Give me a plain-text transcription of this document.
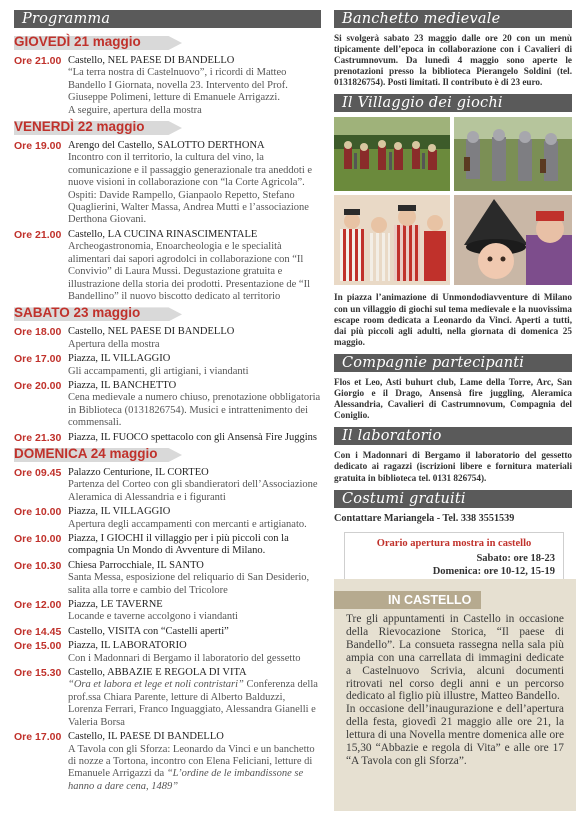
Programma
GIOVEDÌ 21 maggio
Ore 21.00 Castello, NEL PAESE DI BANDELLO
“La terra nostra di Castelnuovo”, i ricordi di Matteo Bandello I Giornata, novella 23. Intervento del Prof. Giuseppe Polimeni, letture di Emanuele Arrigazzi.
A seguire, apertura della mostra
VENERDÌ 22 maggio
Ore 19.00 Arengo del Castello, SALOTTO DERTHONA
Incontro con il territorio, la cultura del vino, la comunicazione e il passaggio generazionale tra aneddoti e nuove visioni in collaborazione con “la Corte Agricola”. Ospiti: Davide Rampello, Gianpaolo Repetto, Stefano Quaglierini, Walter Massa, Andrea Mutti e l’associazione Derthona Giovani.
Ore 21.00 Castello, LA CUCINA RINASCIMENTALE
Archeogastronomia, Enoarcheologia e le specialità alimentari dai sapori agrodolci in collaborazione con “Il Convivio” di Laura Mussi. Degustazione gratuita e illustrazione della storia dei prodotti. Presentazione de “Il Bandellino” il nuovo biscotto dedicato al territorio
SABATO 23 maggio
Ore 18.00 Castello, NEL PAESE DI BANDELLO
Apertura della mostra
Ore 17.00 Piazza, IL VILLAGGIO
Gli accampamenti, gli artigiani, i viandanti
Ore 20.00 Piazza, IL BANCHETTO
Cena medievale a numero chiuso, prenotazione obbligatoria in Biblioteca (0131826754). Musici e intrattenimento dei commensali.
Ore 21.30 Piazza, IL FUOCO spettacolo con gli Ansensà Fire Juggins
DOMENICA 24 maggio
Ore 09.45 Palazzo Centurione, IL CORTEO
Partenza del Corteo con gli sbandieratori dell’Associazione Aleramica di Alessandria e i figuranti
Ore 10.00 Piazza, IL VILLAGGIO
Apertura degli accampamenti con mercanti e artigianato.
Ore 10.00 Piazza, I GIOCHI il villaggio per i più piccoli con la compagnia Un Mondo di Avventure di Milano.
Ore 10.30 Chiesa Parrocchiale, IL SANTO
Santa Messa, esposizione del reliquario di San Desiderio, salita alla torre e cambio del Tricolore
Ore 12.00 Piazza, LE TAVERNE
Locande e taverne accolgono i viandanti
Ore 14.45 Castello, VISITA con “Castelli aperti”
Ore 15.00 Piazza, IL LABORATORIO
Con i Madonnari di Bergamo il laboratorio del gessetto
Ore 15.30 Castello, ABBAZIE E REGOLA DI VITA
“Ora et labora et lege et noli contristari” Conferenza della prof.ssa Chiara Parente, letture di Alberto Balduzzi, Lorenza Ferrari, Franco Inguaggiato, Alessandra Gianelli e Valeria Borsa
Ore 17.00 Castello, IL PAESE DI BANDELLO
A Tavola con gli Sforza: Leonardo da Vinci e un banchetto di nozze a Tortona, incontro con Elena Feliciani, letture di Emanuele Arrigazzi da “L’ordine de le imbandissone se hanno a dare cena, 1489”
Banchetto medievale
Si svolgerà sabato 23 maggio dalle ore 20 con un menù tipicamente dell’epoca in collaborazione con i Cavalieri di Castrumnovum. Da lunedì 4 maggio sono aperte le prenotazioni presso la biblioteca Pierangelo Soldini (tel. 0131826754). Posti limitati. Il contributo è di 23 euro.
Il Villaggio dei giochi
In piazza l’animazione di Unmondodiavventure di Milano con un villaggio di giochi sul tema medievale e la nuovissima escape room dedicata a Leonardo da Vinci. Aperti a tutti, dai più piccoli agli adulti, nella giornata di domenica 25 maggio.
Compagnie partecipanti
Flos et Leo, Asti buhurt club, Lame della Torre, Arc, San Giorgio e il Drago, Ansensà fire juggling, Aleramica Alessandria, Cavalieri di Castrumnovum, Compagnia del Coniglio.
Il laboratorio
Con i Madonnari di Bergamo il laboratorio del gessetto dedicato ai ragazzi (iscrizioni libere e fornitura materiali gratuita in biblioteca tel. 0131 826754).
Costumi gratuiti
Contattare Mariangela - Tel. 338 3551539
Orario apertura mostra in castello
Sabato: ore 18-23
Domenica: ore 10-12, 15-19
IN CASTELLO
Tre gli appuntamenti in Castello in occasione della Rievocazione Storica, “Il paese di Bandello”. La consueta rassegna nella sala più ampia con una carrellata di immagini dedicate a Castelnuovo Scrivia, alcuni documenti ritrovati nel corso degli anni e un percorso dedicato al figlio più illustre, Matteo Bandello.
In occasione dell’inaugurazione e dell’apertura della festa, giovedì 21 maggio alle ore 21, la lettura di una Novella mentre domenica alle ore 15,30 “Abbazie e regola di Vita” e alle ore 17 “A Tavola con gli Sforza”.
